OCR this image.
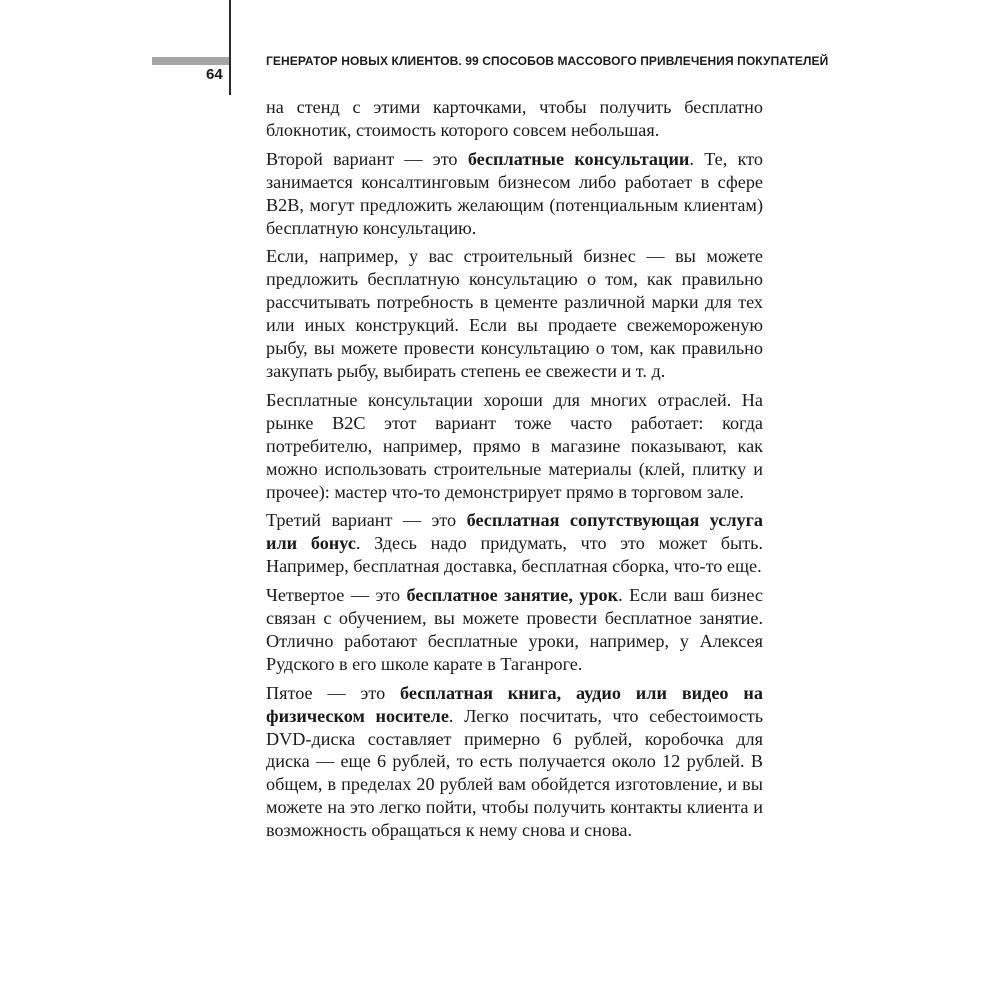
64
ГЕНЕРАТОР НОВЫХ КЛИЕНТОВ. 99 СПОСОБОВ МАССОВОГО ПРИВЛЕЧЕНИЯ ПОКУПАТЕЛЕЙ

на стенд с этими карточками, чтобы получить бесплатно блокнотик, стоимость которого совсем небольшая.

Второй вариант — это бесплатные консультации. Те, кто занимается консалтинговым бизнесом либо работает в сфере B2B, могут предложить желающим (потенциальным клиентам) бесплатную консультацию.

Если, например, у вас строительный бизнес — вы можете предложить бесплатную консультацию о том, как правильно рассчитывать потребность в цементе различной марки для тех или иных конструкций. Если вы продаете свежемороженую рыбу, вы можете провести консультацию о том, как правильно закупать рыбу, выбирать степень ее свежести и т. д.

Бесплатные консультации хороши для многих отраслей. На рынке B2C этот вариант тоже часто работает: когда потребителю, например, прямо в магазине показывают, как можно использовать строительные материалы (клей, плитку и прочее): мастер что-то демонстрирует прямо в торговом зале.

Третий вариант — это бесплатная сопутствующая услуга или бонус. Здесь надо придумать, что это может быть. Например, бесплатная доставка, бесплатная сборка, что-то еще.

Четвертое — это бесплатное занятие, урок. Если ваш бизнес связан с обучением, вы можете провести бесплатное занятие. Отлично работают бесплатные уроки, например, у Алексея Рудского в его школе карате в Таганроге.

Пятое — это бесплатная книга, аудио или видео на физическом носителе. Легко посчитать, что себестоимость DVD-диска составляет примерно 6 рублей, коробочка для диска — еще 6 рублей, то есть получается около 12 рублей. В общем, в пределах 20 рублей вам обойдется изготовление, и вы можете на это легко пойти, чтобы получить контакты клиента и возможность обращаться к нему снова и снова.
